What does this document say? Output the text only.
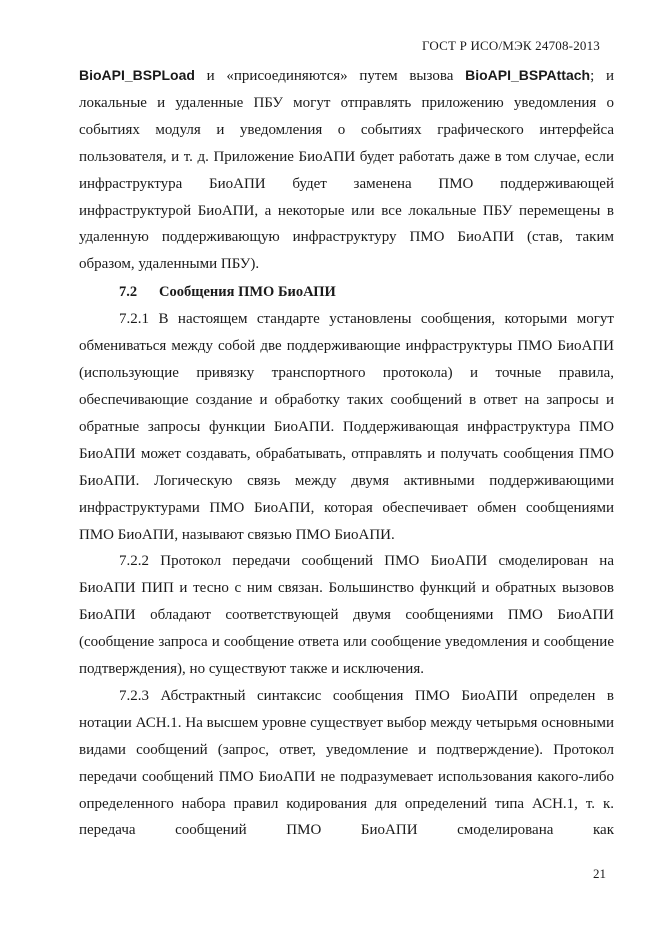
ГОСТ Р ИСО/МЭК 24708-2013

BioAPI_BSPLoad и «присоединяются» путем вызова BioAPI_BSPAttach; и локальные и удаленные ПБУ могут отправлять приложению уведомления о событиях модуля и уведомления о событиях графического интерфейса пользователя, и т. д. Приложение БиоАПИ будет работать даже в том случае, если инфраструктура БиоАПИ будет заменена ПМО поддерживающей инфраструктурой БиоАПИ, а некоторые или все локальные ПБУ перемещены в удаленную поддерживающую инфраструктуру ПМО БиоАПИ (став, таким образом, удаленными ПБУ).

7.2 Сообщения ПМО БиоАПИ

7.2.1 В настоящем стандарте установлены сообщения, которыми могут обмениваться между собой две поддерживающие инфраструктуры ПМО БиоАПИ (использующие привязку транспортного протокола) и точные правила, обеспечивающие создание и обработку таких сообщений в ответ на запросы и обратные запросы функции БиоАПИ. Поддерживающая инфраструктура ПМО БиоАПИ может создавать, обрабатывать, отправлять и получать сообщения ПМО БиоАПИ. Логическую связь между двумя активными поддерживающими инфраструктурами ПМО БиоАПИ, которая обеспечивает обмен сообщениями ПМО БиоАПИ, называют связью ПМО БиоАПИ.

7.2.2 Протокол передачи сообщений ПМО БиоАПИ смоделирован на БиоАПИ ПИП и тесно с ним связан. Большинство функций и обратных вызовов БиоАПИ обладают соответствующей двумя сообщениями ПМО БиоАПИ (сообщение запроса и сообщение ответа или сообщение уведомления и сообщение подтверждения), но существуют также и исключения.

7.2.3 Абстрактный синтаксис сообщения ПМО БиоАПИ определен в нотации АСН.1. На высшем уровне существует выбор между четырьмя основными видами сообщений (запрос, ответ, уведомление и подтверждение). Протокол передачи сообщений ПМО БиоАПИ не подразумевает использования какого-либо определенного набора правил кодирования для определений типа АСН.1, т. к. передача сообщений ПМО БиоАПИ смоделирована как

21
